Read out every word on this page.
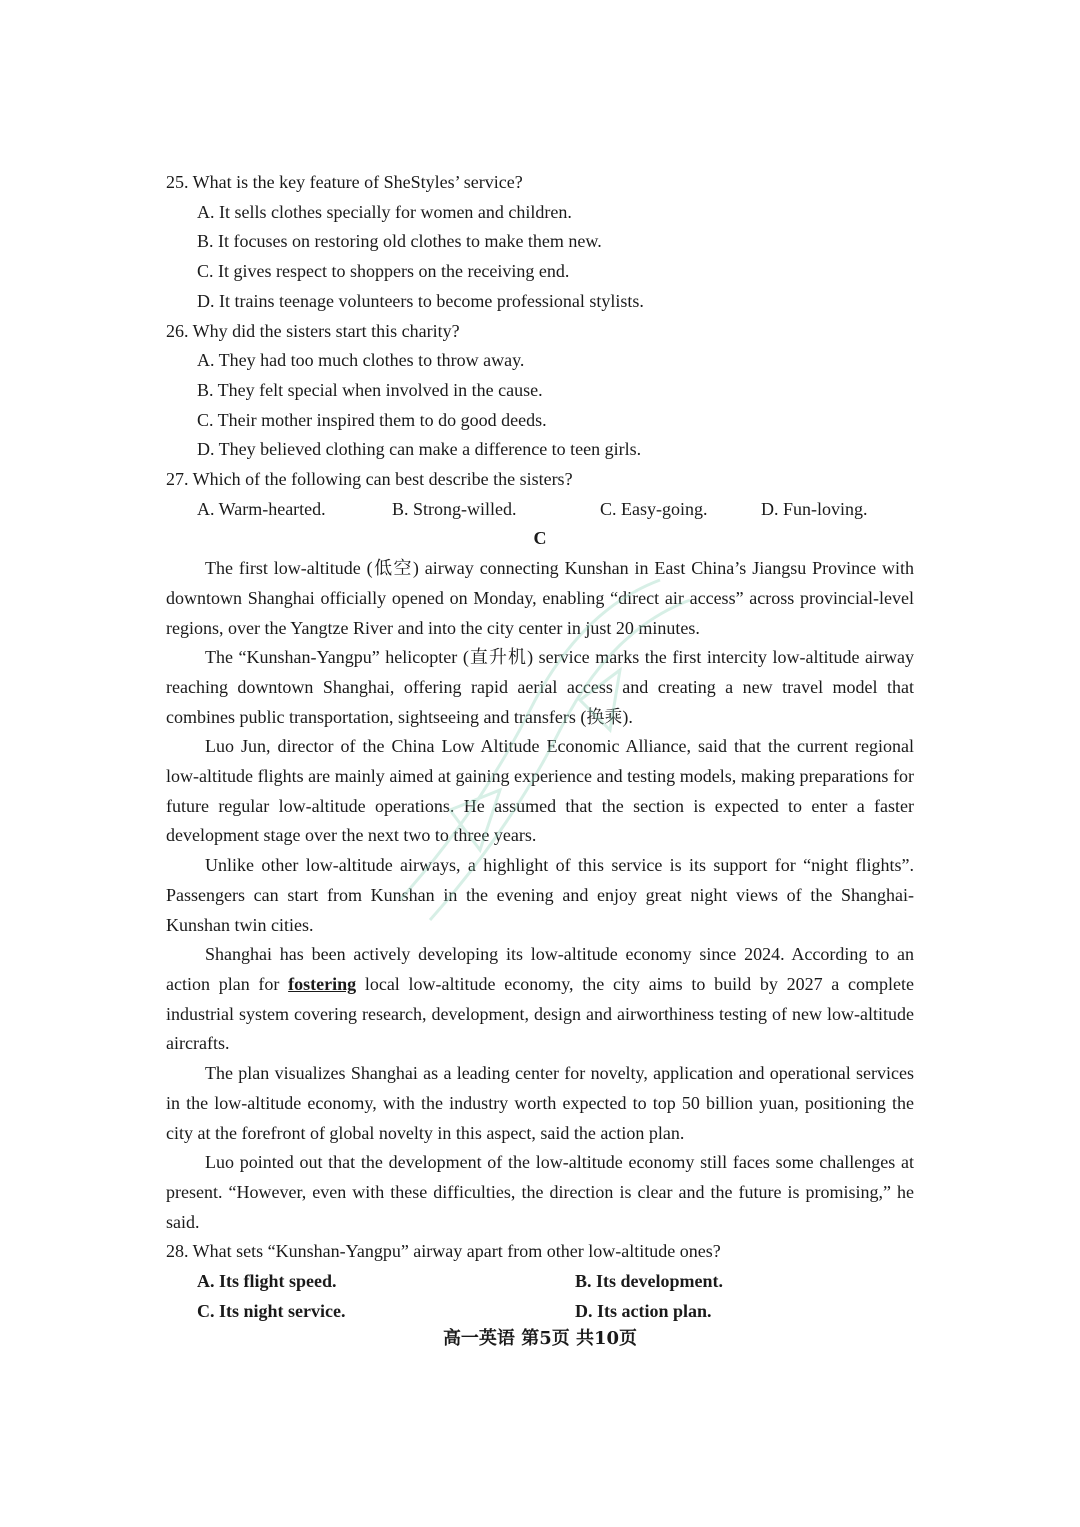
25. What is the key feature of SheStyles’ service?

A. It sells clothes specially for women and children.

B. It focuses on restoring old clothes to make them new.

C. It gives respect to shoppers on the receiving end.

D. It trains teenage volunteers to become professional stylists.

26. Why did the sisters start this charity?

A. They had too much clothes to throw away.

B. They felt special when involved in the cause.

C. Their mother inspired them to do good deeds.

D. They believed clothing can make a difference to teen girls.

27. Which of the following can best describe the sisters?

A. Warm-hearted.	B. Strong-willed.	C. Easy-going.	D. Fun-loving.

C

The first low-altitude (低空) airway connecting Kunshan in East China’s Jiangsu Province with downtown Shanghai officially opened on Monday, enabling “direct air access” across provincial-level regions, over the Yangtze River and into the city center in just 20 minutes.

The “Kunshan-Yangpu” helicopter (直升机) service marks the first intercity low-altitude airway reaching downtown Shanghai, offering rapid aerial access and creating a new travel model that combines public transportation, sightseeing and transfers (换乘).

Luo Jun, director of the China Low Altitude Economic Alliance, said that the current regional low-altitude flights are mainly aimed at gaining experience and testing models, making preparations for future regular low-altitude operations. He assumed that the section is expected to enter a faster development stage over the next two to three years.

Unlike other low-altitude airways, a highlight of this service is its support for “night flights”. Passengers can start from Kunshan in the evening and enjoy great night views of the Shanghai-Kunshan twin cities.

Shanghai has been actively developing its low-altitude economy since 2024. According to an action plan for fostering local low-altitude economy, the city aims to build by 2027 a complete industrial system covering research, development, design and airworthiness testing of new low-altitude aircrafts.

The plan visualizes Shanghai as a leading center for novelty, application and operational services in the low-altitude economy, with the industry worth expected to top 50 billion yuan, positioning the city at the forefront of global novelty in this aspect, said the action plan.

Luo pointed out that the development of the low-altitude economy still faces some challenges at present. “However, even with these difficulties, the direction is clear and the future is promising,” he said.

28. What sets “Kunshan-Yangpu” airway apart from other low-altitude ones?

A. Its flight speed.	B. Its development.
C. Its night service.	D. Its action plan.
高一英语 第5页 共10页
